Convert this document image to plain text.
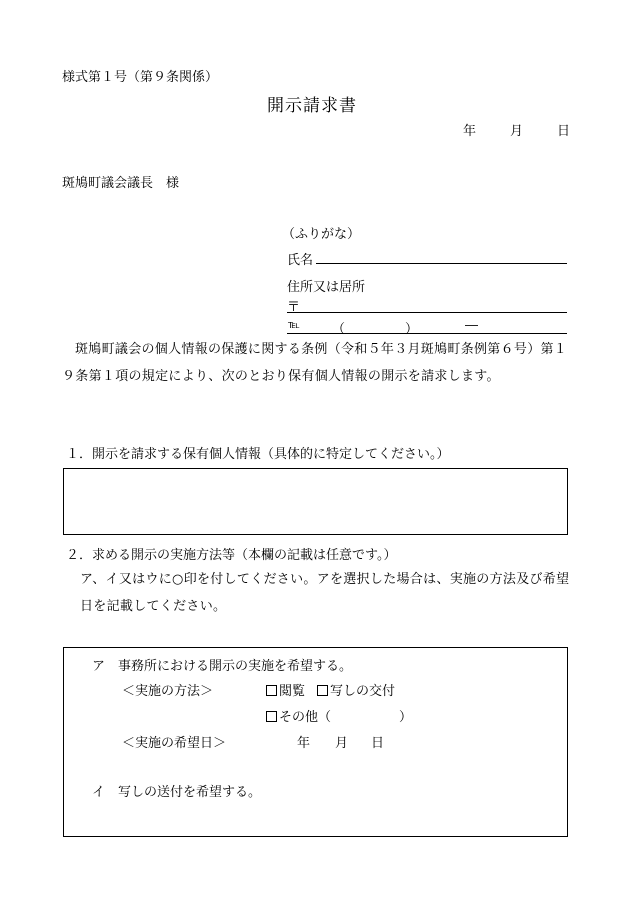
様式第１号（第９条関係）
開示請求書
年	月	日
斑鳩町議会議長　様
（ふりがな）
氏名
住所又は居所
〒
℡ （	）	―
斑鳩町議会の個人情報の保護に関する条例（令和５年３月斑鳩町条例第６号）第１９条第１項の規定により、次のとおり保有個人情報の開示を請求します。
１．開示を請求する保有個人情報（具体的に特定してください。）
２．求める開示の実施方法等（本欄の記載は任意です。）
ア、イ又はウに○印を付してください。アを選択した場合は、実施の方法及び希望日を記載してください。
ア　事務所における開示の実施を希望する。
＜実施の方法＞	閲覧	写しの交付
その他（	）
＜実施の希望日＞	年 月 日
イ　写しの送付を希望する。
